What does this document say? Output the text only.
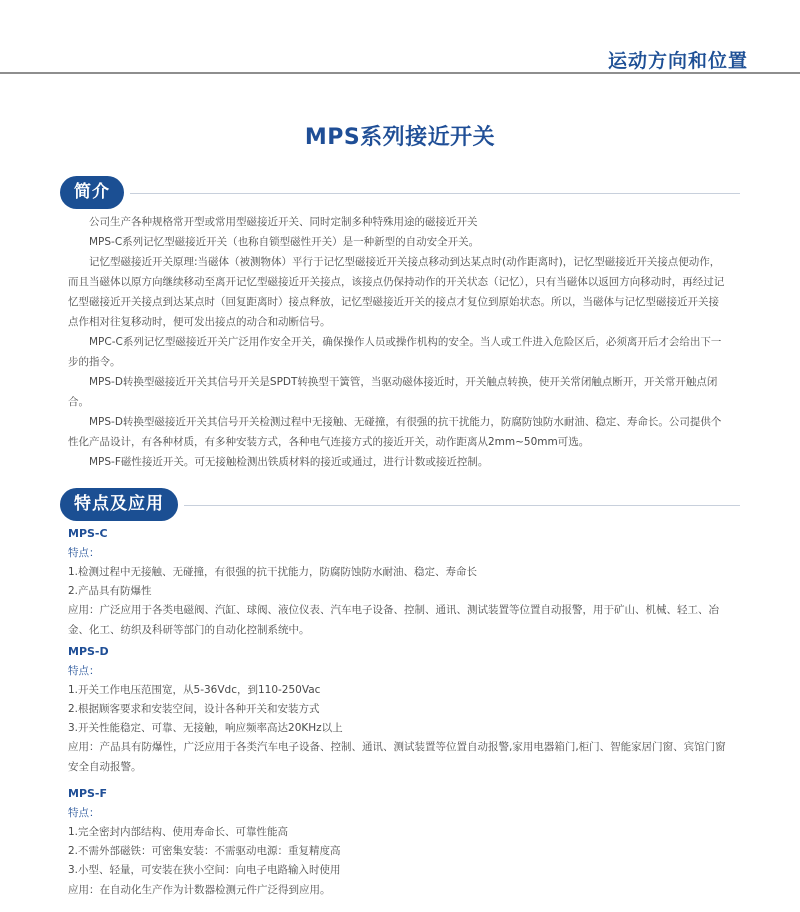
运动方向和位置
MPS系列接近开关
简介
公司生产各种规格常开型或常用型磁接近开关、同时定制多种特殊用途的磁接近开关
MPS-C系列记忆型磁接近开关（也称自锁型磁性开关）是一种新型的自动安全开关。
记忆型磁接近开关原理:当磁体（被测物体）平行于记忆型磁接近开关接点移动到达某点时(动作距离时)，记忆型磁接近开关接点便动作，而且当磁体以原方向继续移动至离开记忆型磁接近开关接点，该接点仍保持动作的开关状态（记忆），只有当磁体以返回方向移动时，再经过记忆型磁接近开关接点到达某点时（回复距离时）接点释放，记忆型磁接近开关的接点才复位到原始状态。所以，当磁体与记忆型磁接近开关接点作相对往复移动时，便可发出接点的动合和动断信号。
MPC-C系列记忆型磁接近开关广泛用作安全开关，确保操作人员或操作机构的安全。当人或工件进入危险区后，必须离开后才会给出下一步的指令。
MPS-D转换型磁接近开关其信号开关是SPDT转换型干簧管，当驱动磁体接近时，开关触点转换，使开关常闭触点断开，开关常开触点闭合。
MPS-D转换型磁接近开关其信号开关检测过程中无接触、无碰撞，有很强的抗干扰能力，防腐防蚀防水耐油、稳定、寿命长。公司提供个性化产品设计，有各种材质，有多种安装方式，各种电气连接方式的接近开关，动作距离从2mm~50mm可选。
MPS-F磁性接近开关。可无接触检测出铁质材料的接近或通过，进行计数或接近控制。
特点及应用
MPS-C
特点：
1.检测过程中无接触、无碰撞，有很强的抗干扰能力，防腐防蚀防水耐油、稳定、寿命长
2.产品具有防爆性
应用：广泛应用于各类电磁阀、汽缸、球阀、液位仪表、汽车电子设备、控制、通讯、测试装置等位置自动报警，用于矿山、机械、轻工、冶金、化工、纺织及科研等部门的自动化控制系统中。
MPS-D
特点：
1.开关工作电压范围宽，从5-36Vdc，到110-250Vac
2.根据顾客要求和安装空间，设计各种开关和安装方式
3.开关性能稳定、可靠、无接触，响应频率高达20KHz以上
应用：产品具有防爆性，广泛应用于各类汽车电子设备、控制、通讯、测试装置等位置自动报警,家用电器箱门,柜门、智能家居门窗、宾馆门窗安全自动报警。
MPS-F
特点：
1.完全密封内部结构、使用寿命长、可靠性能高
2.不需外部磁铁：可密集安装：不需驱动电源：重复精度高
3.小型、轻量，可安装在狭小空间：向电子电路输入时使用
应用：在自动化生产作为计数器检测元件广泛得到应用。
